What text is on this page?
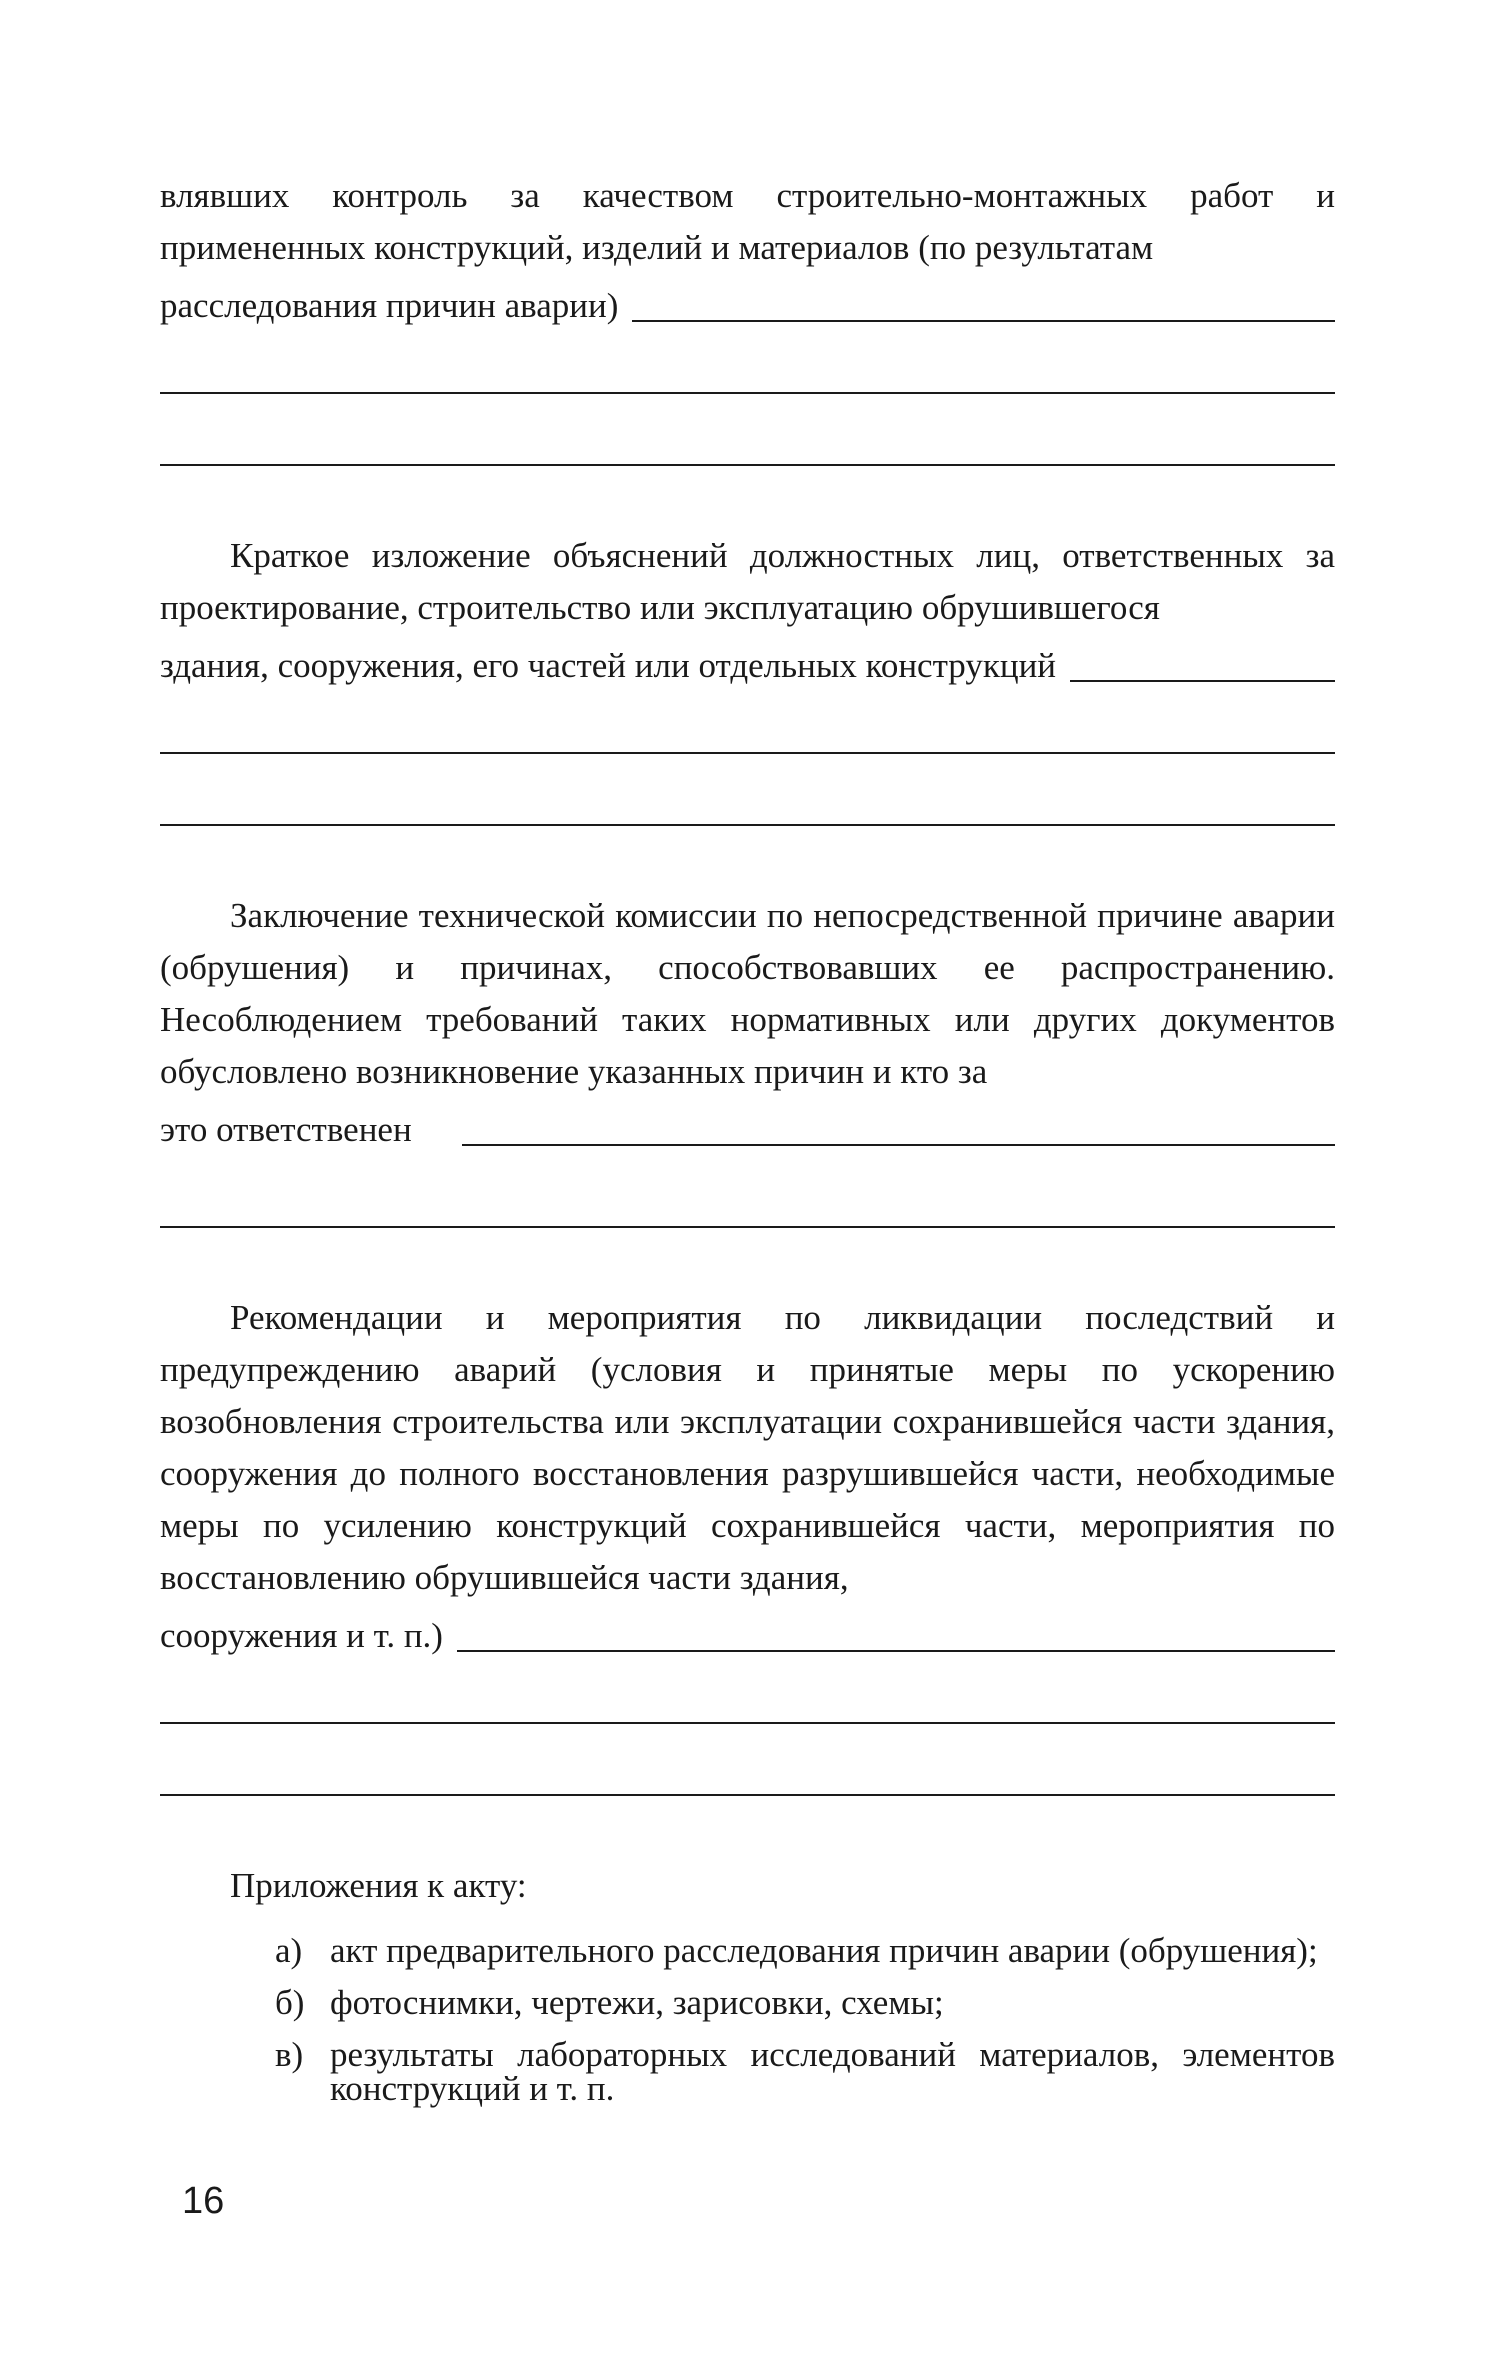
влявших контроль за качеством строительно-монтажных работ и примененных конструкций, изделий и материалов (по результатам

расследования причин аварии)

Краткое изложение объяснений должностных лиц, ответственных за проектирование, строительство или эксплуатацию обрушившегося

здания, сооружения, его частей или отдельных конструкций

Заключение технической комиссии по непосредственной причине аварии (обрушения) и причинах, способствовавших ее распространению. Несоблюдением требований таких нормативных или других документов обусловлено возникновение указанных причин и кто за

это ответственен

Рекомендации и мероприятия по ликвидации последствий и предупреждению аварий (условия и принятые меры по ускорению возобновления строительства или эксплуатации сохранившейся части здания, сооружения до полного восстановления разрушившейся части, необходимые меры по усилению конструкций сохранившейся части, мероприятия по восстановлению обрушившейся части здания,

сооружения и т. п.)

Приложения к акту:

а) акт предварительного расследования причин аварии (обрушения);
б) фотоснимки, чертежи, зарисовки, схемы;
в) результаты лабораторных исследований материалов, элементов конструкций и т. п.
16
